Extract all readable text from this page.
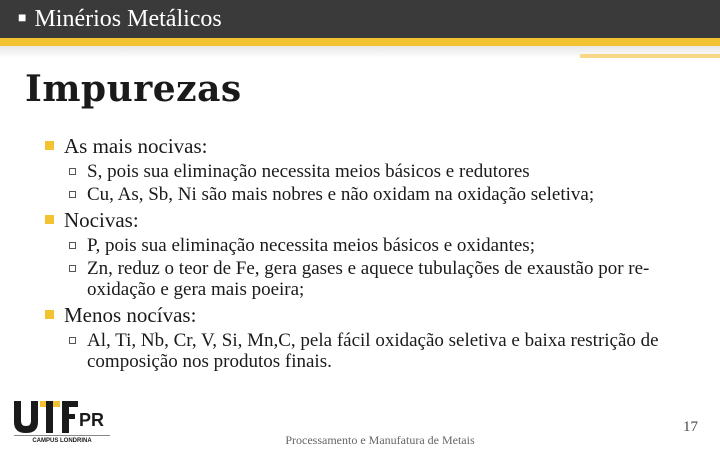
■ Minérios Metálicos
Impurezas
As mais nocivas:
S, pois sua eliminação necessita meios básicos e redutores
Cu, As, Sb, Ni são mais nobres e não oxidam na oxidação seletiva;
Nocivas:
P, pois sua eliminação necessita meios básicos e oxidantes;
Zn, reduz o teor de Fe, gera gases e aquece tubulações de exaustão por re-oxidação e gera mais poeira;
Menos nocívas:
Al, Ti, Nb, Cr, V, Si, Mn,C, pela fácil oxidação seletiva e baixa restrição de composição nos produtos finais.
PR
CAMPUS LONDRINA	Processamento e Manufatura de Metais
17
